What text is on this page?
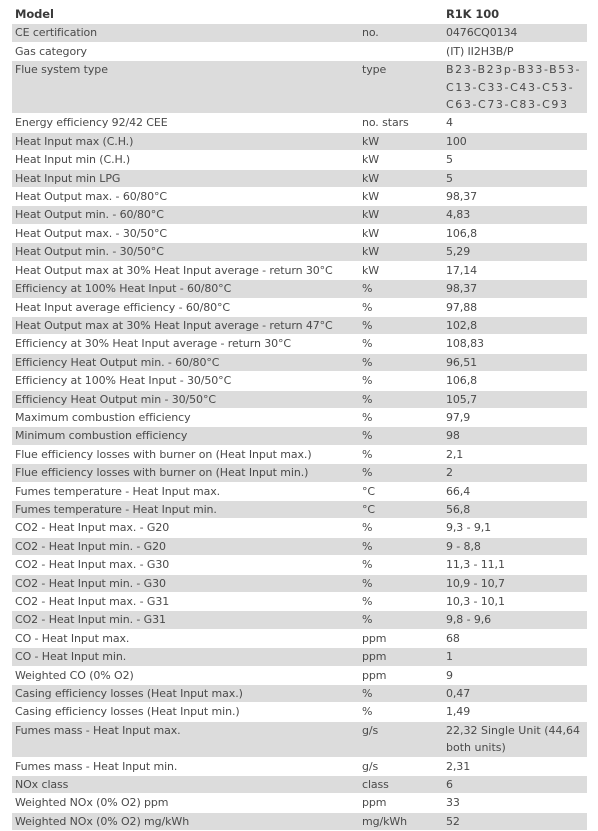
Model		R1K 100
CE certification	no.	0476CQ0134
Gas category		(IT) II2H3B/P
Flue system type	type	B23-B23p-B33-B53-C13-C33-C43-C53-C63-C73-C83-C93
Energy efficiency 92/42 CEE	no. stars	4
Heat Input max (C.H.)	kW	100
Heat Input min (C.H.)	kW	5
Heat Input min LPG	kW	5
Heat Output max. - 60/80°C	kW	98,37
Heat Output min. - 60/80°C	kW	4,83
Heat Output max. - 30/50°C	kW	106,8
Heat Output min. - 30/50°C	kW	5,29
Heat Output max at 30% Heat Input average - return 30°C	kW	17,14
Efficiency at 100% Heat Input - 60/80°C	%	98,37
Heat Input average efficiency - 60/80°C	%	97,88
Heat Output max at 30% Heat Input average - return 47°C	%	102,8
Efficiency at 30% Heat Input average - return 30°C	%	108,83
Efficiency Heat Output min. - 60/80°C	%	96,51
Efficiency at 100% Heat Input - 30/50°C	%	106,8
Efficiency Heat Output min - 30/50°C	%	105,7
Maximum combustion efficiency	%	97,9
Minimum combustion efficiency	%	98
Flue efficiency losses with burner on (Heat Input max.)	%	2,1
Flue efficiency losses with burner on (Heat Input min.)	%	2
Fumes temperature - Heat Input max.	°C	66,4
Fumes temperature - Heat Input min.	°C	56,8
CO2 - Heat Input max. - G20	%	9,3 - 9,1
CO2 - Heat Input min. - G20	%	9 - 8,8
CO2 - Heat Input max. - G30	%	11,3 - 11,1
CO2 - Heat Input min. - G30	%	10,9 - 10,7
CO2 - Heat Input max. - G31	%	10,3 - 10,1
CO2 - Heat Input min. - G31	%	9,8 - 9,6
CO - Heat Input max.	ppm	68
CO - Heat Input min.	ppm	1
Weighted CO (0% O2)	ppm	9
Casing efficiency losses (Heat Input max.)	%	0,47
Casing efficiency losses (Heat Input min.)	%	1,49
Fumes mass - Heat Input max.	g/s	22,32 Single Unit (44,64 both units)
Fumes mass - Heat Input min.	g/s	2,31
NOx class	class	6
Weighted NOx (0% O2) ppm	ppm	33
Weighted NOx (0% O2) mg/kWh	mg/kWh	52
